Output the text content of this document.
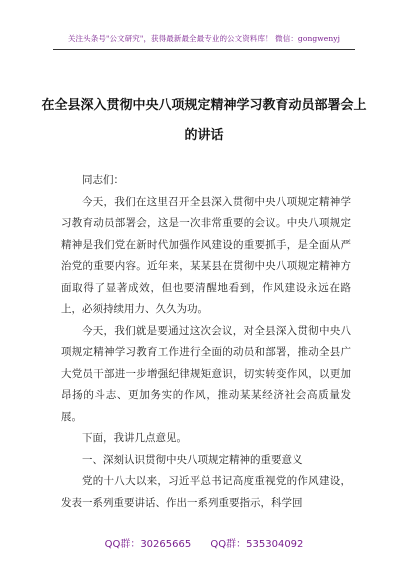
关注头条号"公文研究"，获得最新最全最专业的公文资料库！ 微信：gongwenyj
在全县深入贯彻中央八项规定精神学习教育动员部署会上
的讲话

同志们：

今天，我们在这里召开全县深入贯彻中央八项规定精神学习教育动员部署会，这是一次非常重要的会议。中央八项规定精神是我们党在新时代加强作风建设的重要抓手，是全面从严治党的重要内容。近年来，某某县在贯彻中央八项规定精神方面取得了显著成效，但也要清醒地看到，作风建设永远在路上，必须持续用力、久久为功。

今天，我们就是要通过这次会议，对全县深入贯彻中央八项规定精神学习教育工作进行全面的动员和部署，推动全县广大党员干部进一步增强纪律规矩意识，切实转变作风，以更加昂扬的斗志、更加务实的作风，推动某某经济社会高质量发展。

下面，我讲几点意见。

一、深刻认识贯彻中央八项规定精神的重要意义

党的十八大以来，习近平总书记高度重视党的作风建设，发表一系列重要讲话、作出一系列重要指示，科学回

QQ群：30265665 QQ群：535304092
